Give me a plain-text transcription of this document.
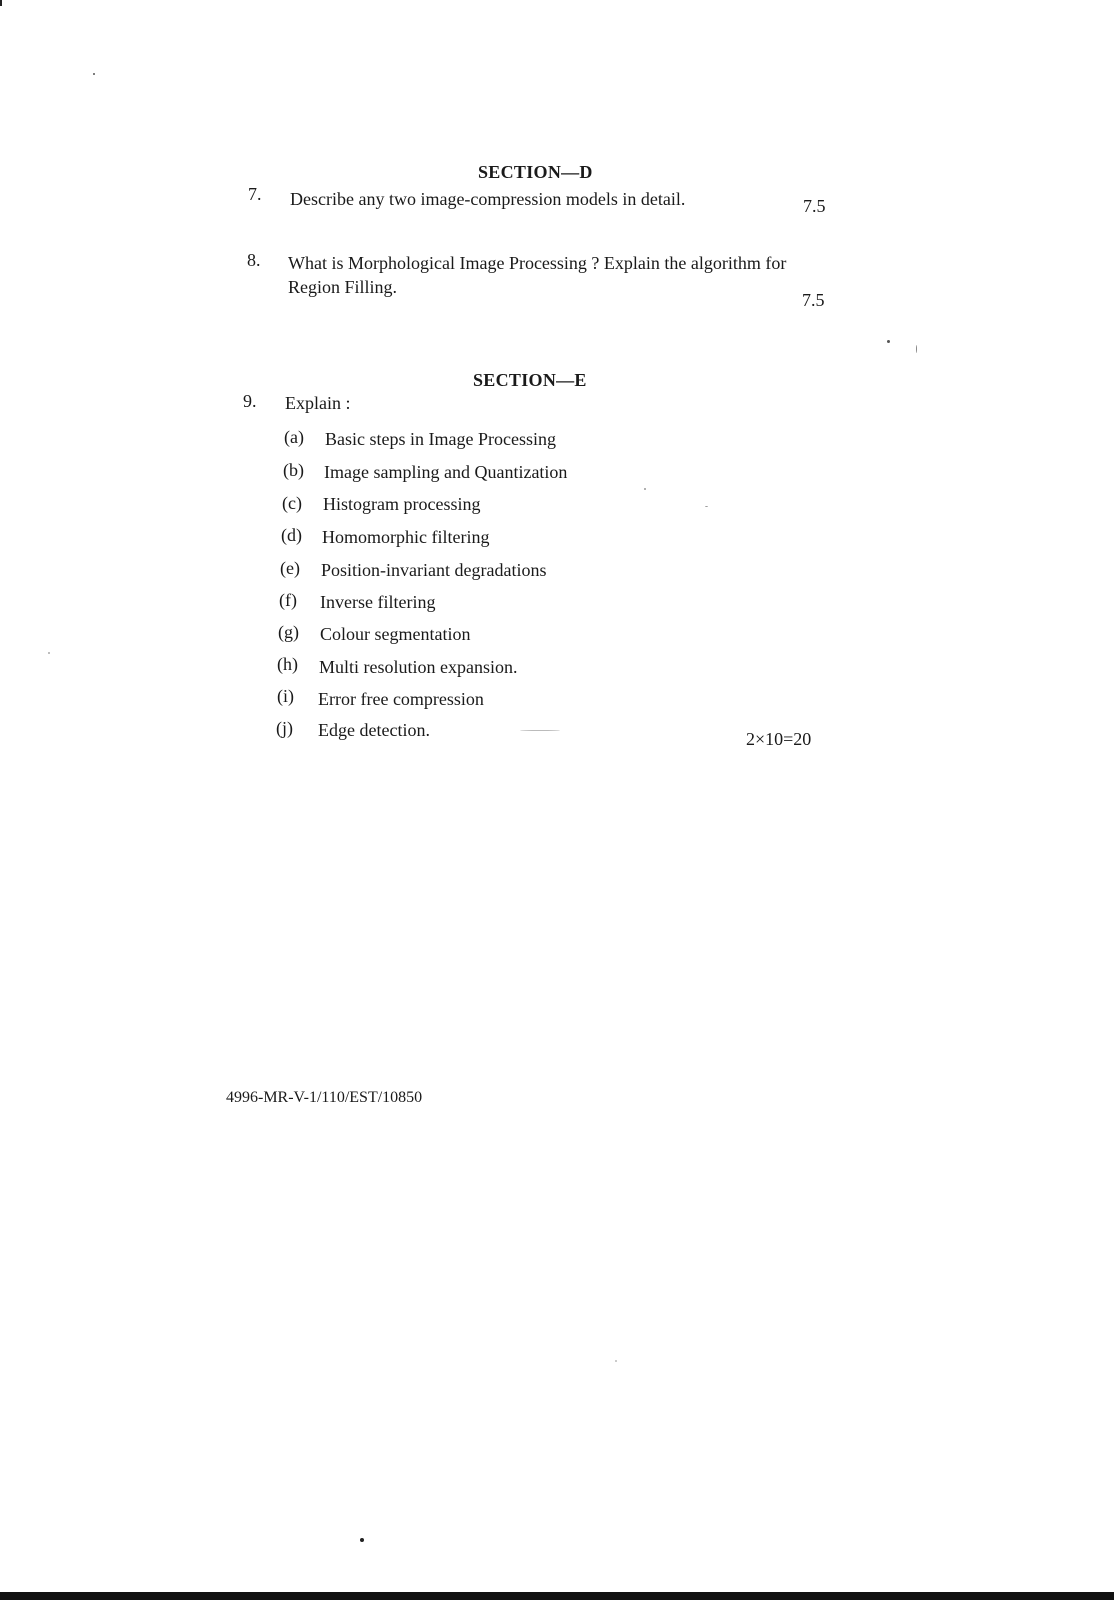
SECTION—D
7. Describe any two image-compression models in detail.	7.5
8. What is Morphological Image Processing ? Explain the algorithm for Region Filling.
7.5
SECTION—E
9. Explain :
(a) Basic steps in Image Processing
(b) Image sampling and Quantization
(c) Histogram processing
(d) Homomorphic filtering
(e) Position-invariant degradations
(f) Inverse filtering
(g) Colour segmentation
(h) Multi resolution expansion.
(i) Error free compression
(j) Edge detection.	2×10=20
4996-MR-V-1/110/EST/10850
